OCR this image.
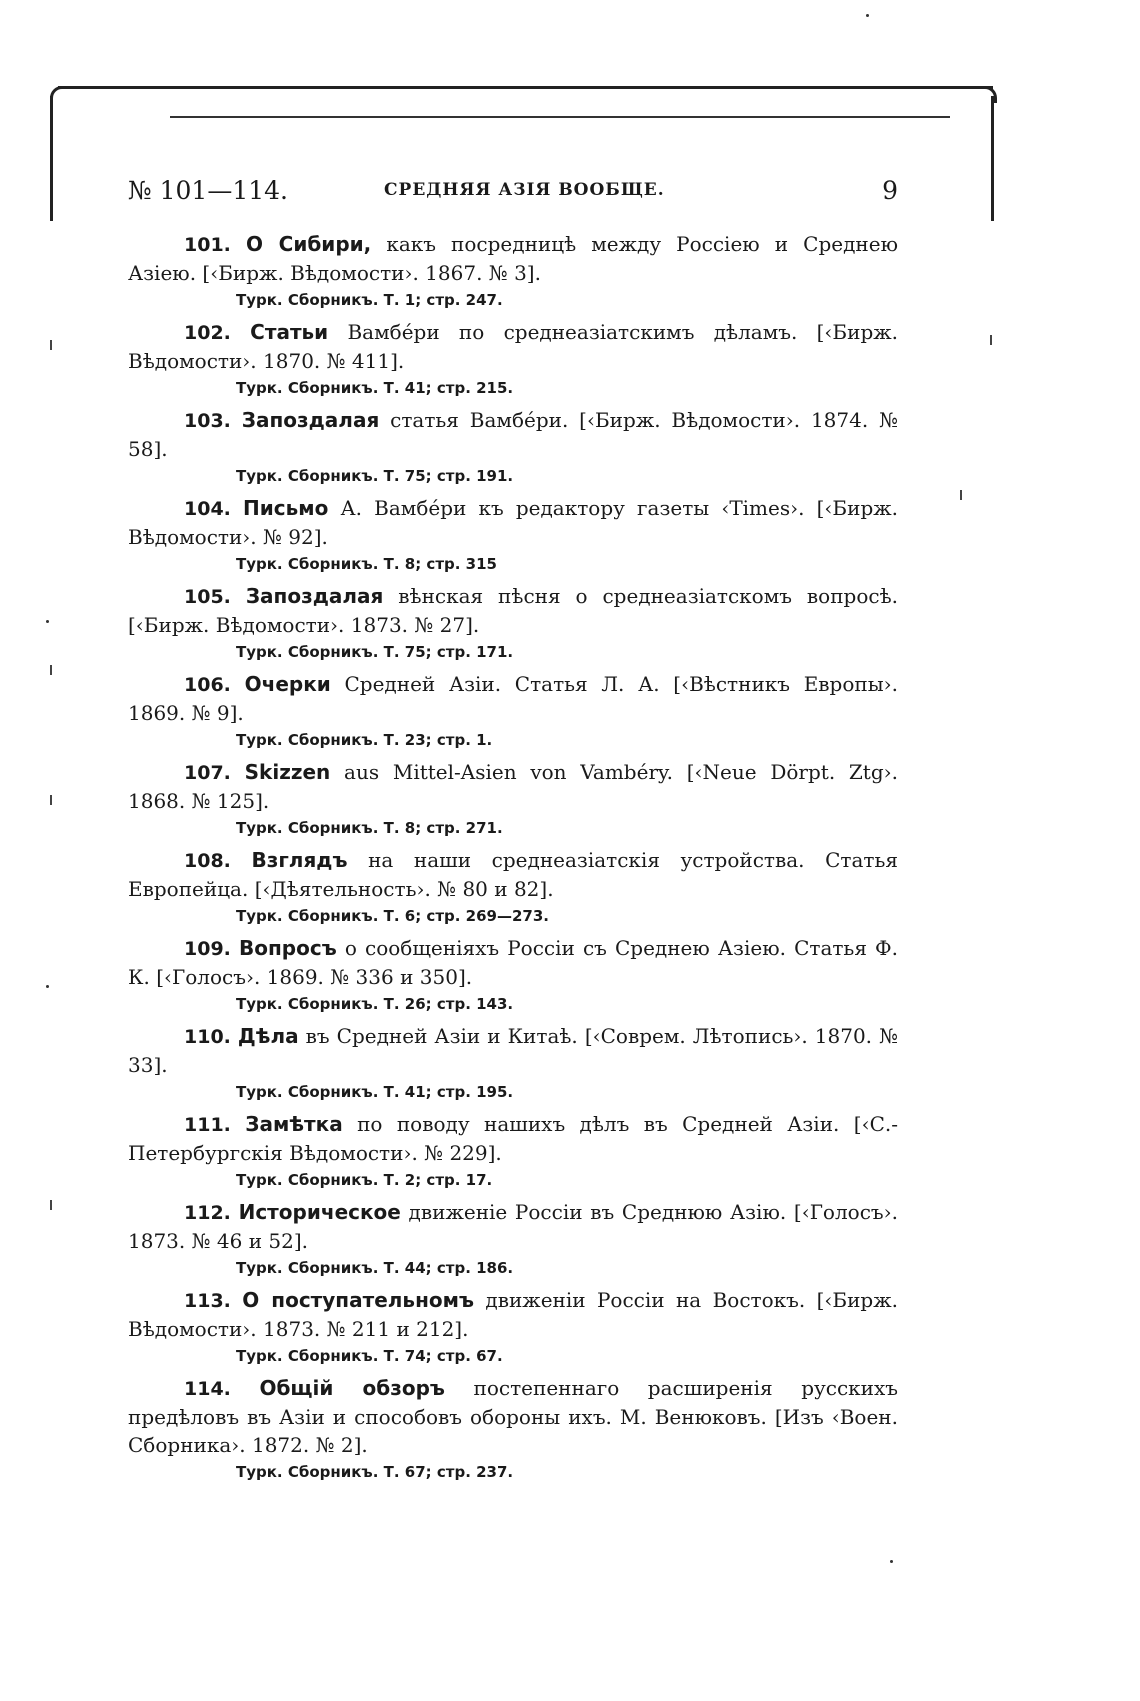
№ 101—114.	СРЕДНЯЯ АЗІЯ ВООБЩЕ.	9

101. О Сибири, какъ посредницѣ между Россіею и Среднею Азіею. [‹Бирж. Вѣдомости›. 1867. № 3].

Турк. Сборникъ. Т. 1; стр. 247.

102. Статьи Вамбéри по среднеазіатскимъ дѣламъ. [‹Бирж. Вѣдомости›. 1870. № 411].

Турк. Сборникъ. Т. 41; стр. 215.

103. Запоздалая статья Вамбéри. [‹Бирж. Вѣдомости›. 1874. № 58].

Турк. Сборникъ. Т. 75; стр. 191.

104. Письмо А. Вамбéри къ редактору газеты ‹Times›. [‹Бирж. Вѣдомости›. № 92].

Турк. Сборникъ. Т. 8; стр. 315

105. Запоздалая вѣнская пѣсня о среднеазіатскомъ вопросѣ. [‹Бирж. Вѣдомости›. 1873. № 27].

Турк. Сборникъ. Т. 75; стр. 171.

106. Очерки Средней Азіи. Статья Л. А. [‹Вѣстникъ Европы›. 1869. № 9].

Турк. Сборникъ. Т. 23; стр. 1.

107. Skizzen aus Mittel-Asien von Vambéry. [‹Neue Dörpt. Ztg›. 1868. № 125].

Турк. Сборникъ. Т. 8; стр. 271.

108. Взглядъ на наши среднеазіатскія устройства. Статья Европейца. [‹Дѣятельность›. № 80 и 82].

Турк. Сборникъ. Т. 6; стр. 269—273.

109. Вопросъ о сообщеніяхъ Россіи съ Среднею Азіею. Статья Ф. К. [‹Голосъ›. 1869. № 336 и 350].

Турк. Сборникъ. Т. 26; стр. 143.

110. Дѣла въ Средней Азіи и Китаѣ. [‹Соврем. Лѣтопись›. 1870. № 33].

Турк. Сборникъ. Т. 41; стр. 195.

111. Замѣтка по поводу нашихъ дѣлъ въ Средней Азіи. [‹С.-Петербургскія Вѣдомости›. № 229].

Турк. Сборникъ. Т. 2; стр. 17.

112. Историческое движеніе Россіи въ Среднюю Азію. [‹Голосъ›. 1873. № 46 и 52].

Турк. Сборникъ. Т. 44; стр. 186.

113. О поступательномъ движеніи Россіи на Востокъ. [‹Бирж. Вѣдомости›. 1873. № 211 и 212].

Турк. Сборникъ. Т. 74; стр. 67.

114. Общій обзоръ постепеннаго расширенія русскихъ предѣловъ въ Азіи и способовъ обороны ихъ. М. Венюковъ. [Изъ ‹Воен. Сборника›. 1872. № 2].

Турк. Сборникъ. Т. 67; стр. 237.
